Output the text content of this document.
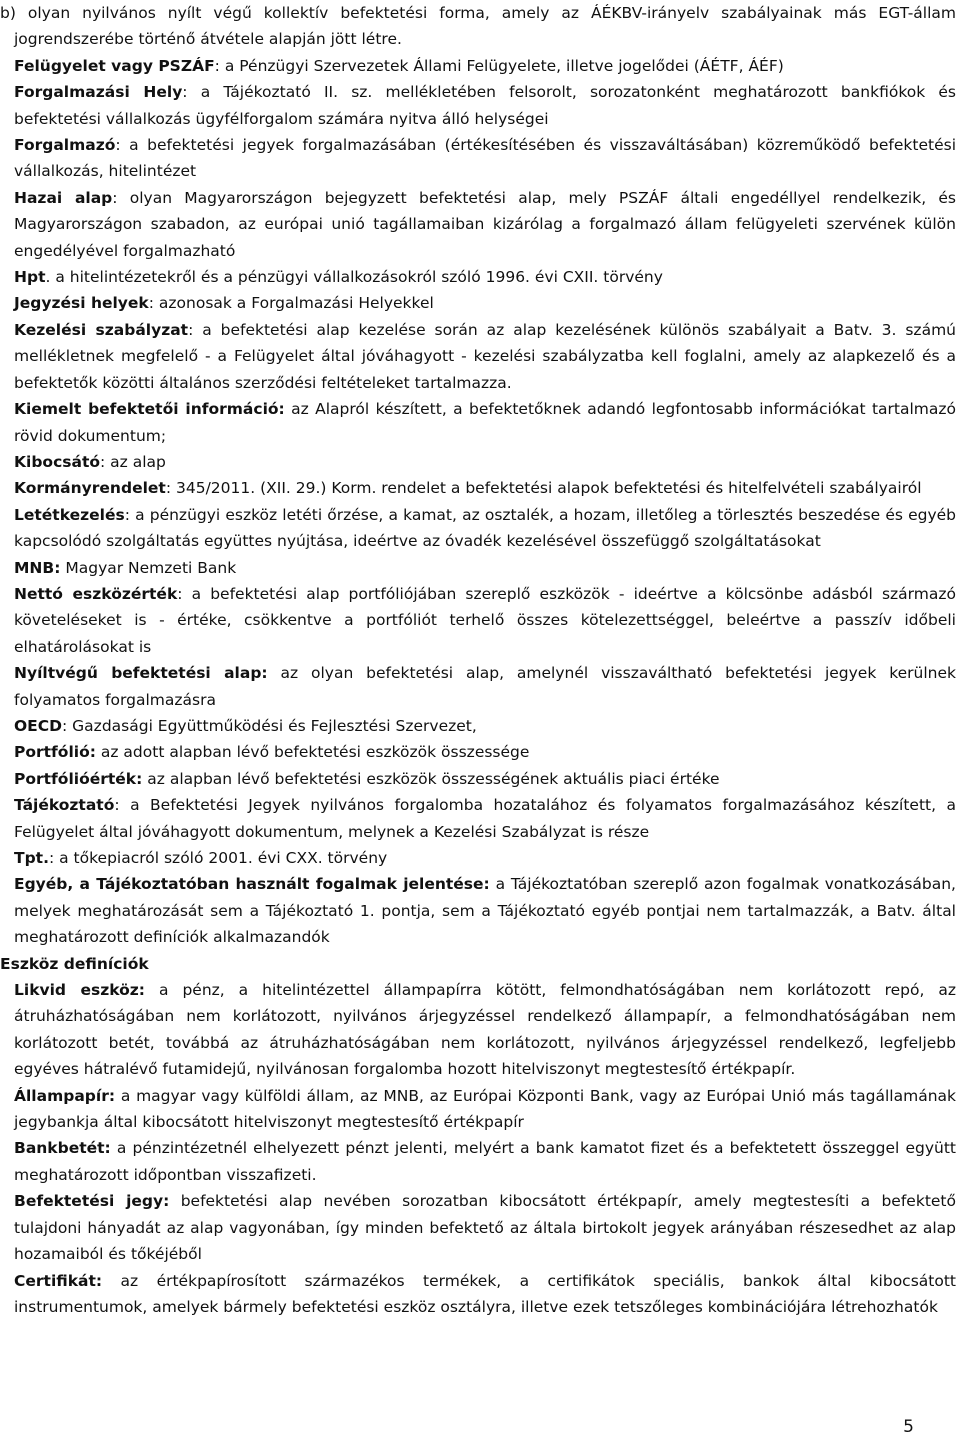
b) olyan nyilvános nyílt végű kollektív befektetési forma, amely az ÁÉKBV-irányelv szabályainak más EGT-állam jogrendszerébe történő átvétele alapján jött létre.

Felügyelet vagy PSZÁF: a Pénzügyi Szervezetek Állami Felügyelete, illetve jogelődei (ÁÉTF, ÁÉF)

Forgalmazási Hely: a Tájékoztató II. sz. mellékletében felsorolt, sorozatonként meghatározott bankfiókok és befektetési vállalkozás ügyfélforgalom számára nyitva álló helységei

Forgalmazó: a befektetési jegyek forgalmazásában (értékesítésében és visszaváltásában) közreműködő befektetési vállalkozás, hitelintézet

Hazai alap: olyan Magyarországon bejegyzett befektetési alap, mely PSZÁF általi engedéllyel rendelkezik, és Magyarországon szabadon, az európai unió tagállamaiban kizárólag a forgalmazó állam felügyeleti szervének külön engedélyével forgalmazható

Hpt. a hitelintézetekről és a pénzügyi vállalkozásokról szóló 1996. évi CXII. törvény

Jegyzési helyek: azonosak a Forgalmazási Helyekkel

Kezelési szabályzat: a befektetési alap kezelése során az alap kezelésének különös szabályait a Batv. 3. számú mellékletnek megfelelő - a Felügyelet által jóváhagyott - kezelési szabályzatba kell foglalni, amely az alapkezelő és a befektetők közötti általános szerződési feltételeket tartalmazza.

Kiemelt befektetői információ: az Alapról készített, a befektetőknek adandó legfontosabb információkat tartalmazó rövid dokumentum;

Kibocsátó: az alap

Kormányrendelet: 345/2011. (XII. 29.) Korm. rendelet a befektetési alapok befektetési és hitelfelvételi szabályairól

Letétkezelés: a pénzügyi eszköz letéti őrzése, a kamat, az osztalék, a hozam, illetőleg a törlesztés beszedése és egyéb kapcsolódó szolgáltatás együttes nyújtása, ideértve az óvadék kezelésével összefüggő szolgáltatásokat

MNB: Magyar Nemzeti Bank

Nettó eszközérték: a befektetési alap portfóliójában szereplő eszközök - ideértve a kölcsönbe adásból származó követeléseket is - értéke, csökkentve a portfóliót terhelő összes kötelezettséggel, beleértve a passzív időbeli elhatárolásokat is

Nyíltvégű befektetési alap: az olyan befektetési alap, amelynél visszaváltható befektetési jegyek kerülnek folyamatos forgalmazásra

OECD: Gazdasági Együttműködési és Fejlesztési Szervezet,

Portfólió: az adott alapban lévő befektetési eszközök összessége

Portfólióérték: az alapban lévő befektetési eszközök összességének aktuális piaci értéke

Tájékoztató: a Befektetési Jegyek nyilvános forgalomba hozatalához és folyamatos forgalmazásához készített, a Felügyelet által jóváhagyott dokumentum, melynek a Kezelési Szabályzat is része

Tpt.: a tőkepiacról szóló 2001. évi CXX. törvény

Egyéb, a Tájékoztatóban használt fogalmak jelentése: a Tájékoztatóban szereplő azon fogalmak vonatkozásában, melyek meghatározását sem a Tájékoztató 1. pontja, sem a Tájékoztató egyéb pontjai nem tartalmazzák, a Batv. által meghatározott definíciók alkalmazandók

Eszköz definíciók

Likvid eszköz: a pénz, a hitelintézettel állampapírra kötött, felmondhatóságában nem korlátozott repó, az átruházhatóságában nem korlátozott, nyilvános árjegyzéssel rendelkező állampapír, a felmondhatóságában nem korlátozott betét, továbbá az átruházhatóságában nem korlátozott, nyilvános árjegyzéssel rendelkező, legfeljebb egyéves hátralévő futamidejű, nyilvánosan forgalomba hozott hitelviszonyt megtestesítő értékpapír.

Állampapír: a magyar vagy külföldi állam, az MNB, az Európai Központi Bank, vagy az Európai Unió más tagállamának jegybankja által kibocsátott hitelviszonyt megtestesítő értékpapír

Bankbetét: a pénzintézetnél elhelyezett pénzt jelenti, melyért a bank kamatot fizet és a befektetett összeggel együtt meghatározott időpontban visszafizeti.

Befektetési jegy: befektetési alap nevében sorozatban kibocsátott értékpapír, amely megtestesíti a befektető tulajdoni hányadát az alap vagyonában, így minden befektető az általa birtokolt jegyek arányában részesedhet az alap hozamaiból és tőkéjéből

Certifikát: az értékpapírosított származékos termékek, a certifikátok speciális, bankok által kibocsátott instrumentumok, amelyek bármely befektetési eszköz osztályra, illetve ezek tetszőleges kombinációjára létrehozhatók

5
